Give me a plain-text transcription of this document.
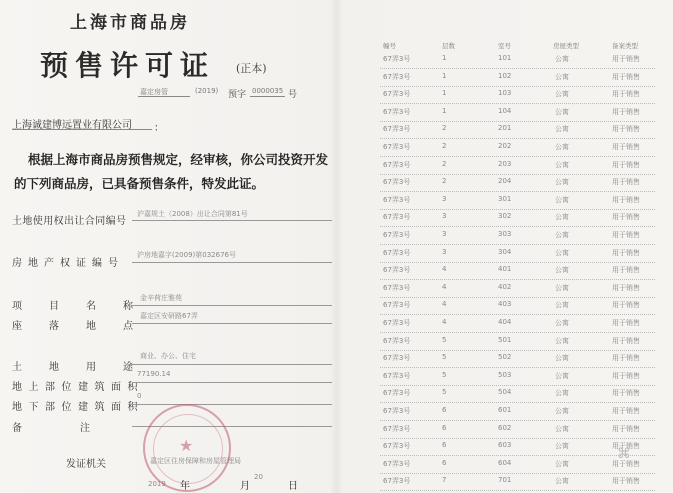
上海市商品房
预售许可证 (正本)
嘉定房管	(2019) 预字 0000035 号
上海诚建博远置业有限公司 ：
根据上海市商品房预售规定，经审核，你公司投资开发的下列商品房，已具备预售条件，特发此证。
土地使用权出让合同编号
沪嘉规土（2008）出让合同第81号
房地产权证编号
沪房地嘉字(2009)第032676号
项目名称
金辛荷庄雅苑
座落地点
嘉定区安研路67弄
土地用途
商业、办公、住宅
地上部位建筑面积
77190.14
地下部位建筑面积
0
备注
发证机关	嘉定区住房保障和房屋管理局
2019 年	月
20
日
★
幢号	层数	室号	房屋类型	备案类型
67弄3号	1	101	公寓	用于销售
67弄3号	1	102	公寓	用于销售
67弄3号	1	103	公寓	用于销售
67弄3号	1	104	公寓	用于销售
67弄3号	2	201	公寓	用于销售
67弄3号	2	202	公寓	用于销售
67弄3号	2	203	公寓	用于销售
67弄3号	2	204	公寓	用于销售
67弄3号	3	301	公寓	用于销售
67弄3号	3	302	公寓	用于销售
67弄3号	3	303	公寓	用于销售
67弄3号	3	304	公寓	用于销售
67弄3号	4	401	公寓	用于销售
67弄3号	4	402	公寓	用于销售
67弄3号	4	403	公寓	用于销售
67弄3号	4	404	公寓	用于销售
67弄3号	5	501	公寓	用于销售
67弄3号	5	502	公寓	用于销售
67弄3号	5	503	公寓	用于销售
67弄3号	5	504	公寓	用于销售
67弄3号	6	601	公寓	用于销售
67弄3号	6	602	公寓	用于销售
67弄3号	6	603	公寓	用于销售
67弄3号	6	604	公寓	用于销售
67弄3号	7	701	公寓	用于销售
⌘
